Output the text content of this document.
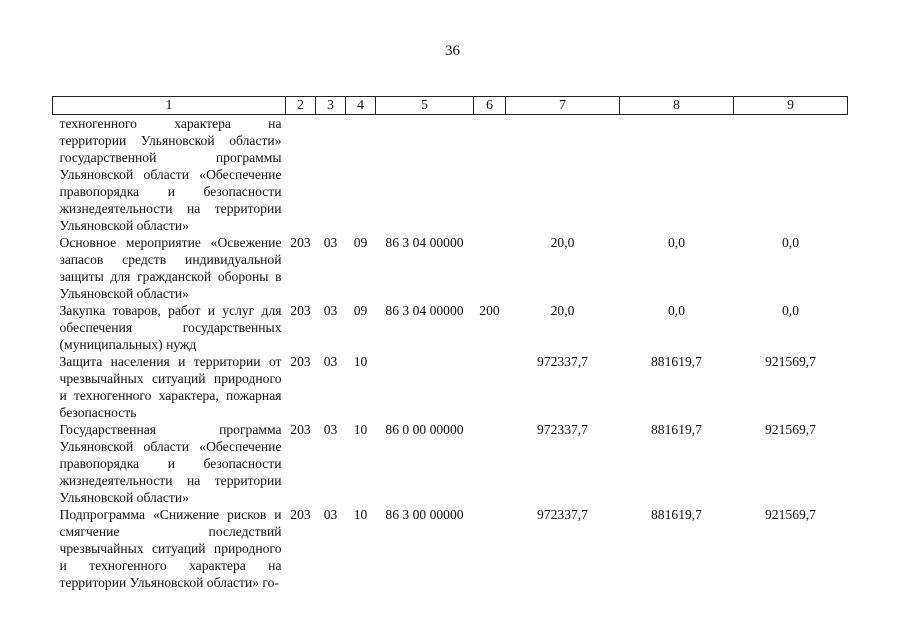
36
1	2	3	4	5	6	7	8	9
техногенного характера на территории Ульяновской области» государственной программы Ульяновской области «Обеспечение правопорядка и безопасности жизнедеятельности на территории Ульяновской области»								
Основное мероприятие «Освежение запасов средств индивидуальной защиты для гражданской обороны в Ульяновской области»	203	03	09	86 3 04 00000		20,0	0,0	0,0
Закупка товаров, работ и услуг для обеспечения государственных (муниципальных) нужд	203	03	09	86 3 04 00000	200	20,0	0,0	0,0
Защита населения и территории от чрезвычайных ситуаций природного и техногенного характера, пожарная безопасность	203	03	10			972337,7	881619,7	921569,7
Государственная программа Ульяновской области «Обеспечение правопорядка и безопасности жизнедеятельности на территории Ульяновской области»	203	03	10	86 0 00 00000		972337,7	881619,7	921569,7
Подпрограмма «Снижение рисков и смягчение последствий чрезвычайных ситуаций природного и техногенного характера на территории Ульяновской области» го-	203	03	10	86 3 00 00000		972337,7	881619,7	921569,7
